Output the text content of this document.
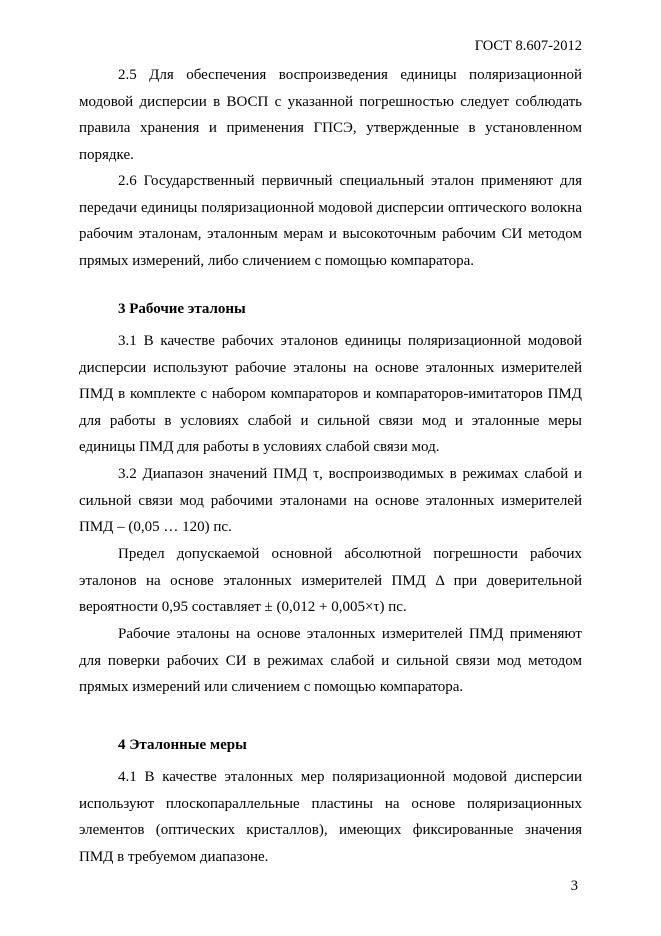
ГОСТ 8.607-2012
2.5 Для обеспечения воспроизведения единицы поляризационной модовой дисперсии в ВОСП с указанной погрешностью следует соблюдать правила хранения и применения ГПСЭ, утвержденные в установленном порядке.
2.6 Государственный первичный специальный эталон применяют для передачи единицы поляризационной модовой дисперсии оптического волокна рабочим эталонам, эталонным мерам и высокоточным рабочим СИ методом прямых измерений, либо сличением с помощью компаратора.
3 Рабочие эталоны
3.1 В качестве рабочих эталонов единицы поляризационной модовой дисперсии используют рабочие эталоны на основе эталонных измерителей ПМД в комплекте с набором компараторов и компараторов-имитаторов ПМД для работы в условиях слабой и сильной связи мод и эталонные меры единицы ПМД для работы в условиях слабой связи мод.
3.2 Диапазон значений ПМД τ, воспроизводимых в режимах слабой и сильной связи мод рабочими эталонами на основе эталонных измерителей ПМД – (0,05 … 120) пс.
Предел допускаемой основной абсолютной погрешности рабочих эталонов на основе эталонных измерителей ПМД Δ при доверительной вероятности 0,95 составляет ± (0,012 + 0,005×τ) пс.
Рабочие эталоны на основе эталонных измерителей ПМД применяют для поверки рабочих СИ в режимах слабой и сильной связи мод методом прямых измерений или сличением с помощью компаратора.
4 Эталонные меры
4.1 В качестве эталонных мер поляризационной модовой дисперсии используют плоскопараллельные пластины на основе поляризационных элементов (оптических кристаллов), имеющих фиксированные значения ПМД в требуемом диапазоне.
3
